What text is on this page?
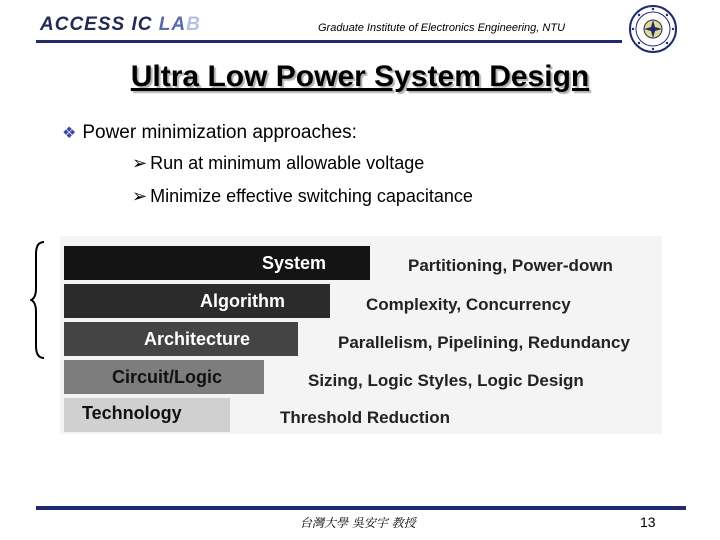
ACCESS IC LAB	Graduate Institute of Electronics Engineering, NTU
Ultra Low Power System Design
❖ Power minimization approaches:
➢ Run at minimum allowable voltage
➢ Minimize effective switching capacitance
System	Partitioning, Power-down
Algorithm	Complexity, Concurrency
Architecture	Parallelism, Pipelining, Redundancy
Circuit/Logic	Sizing, Logic Styles, Logic Design
Technology	Threshold Reduction
台灣大學 吳安宇 教授	13
